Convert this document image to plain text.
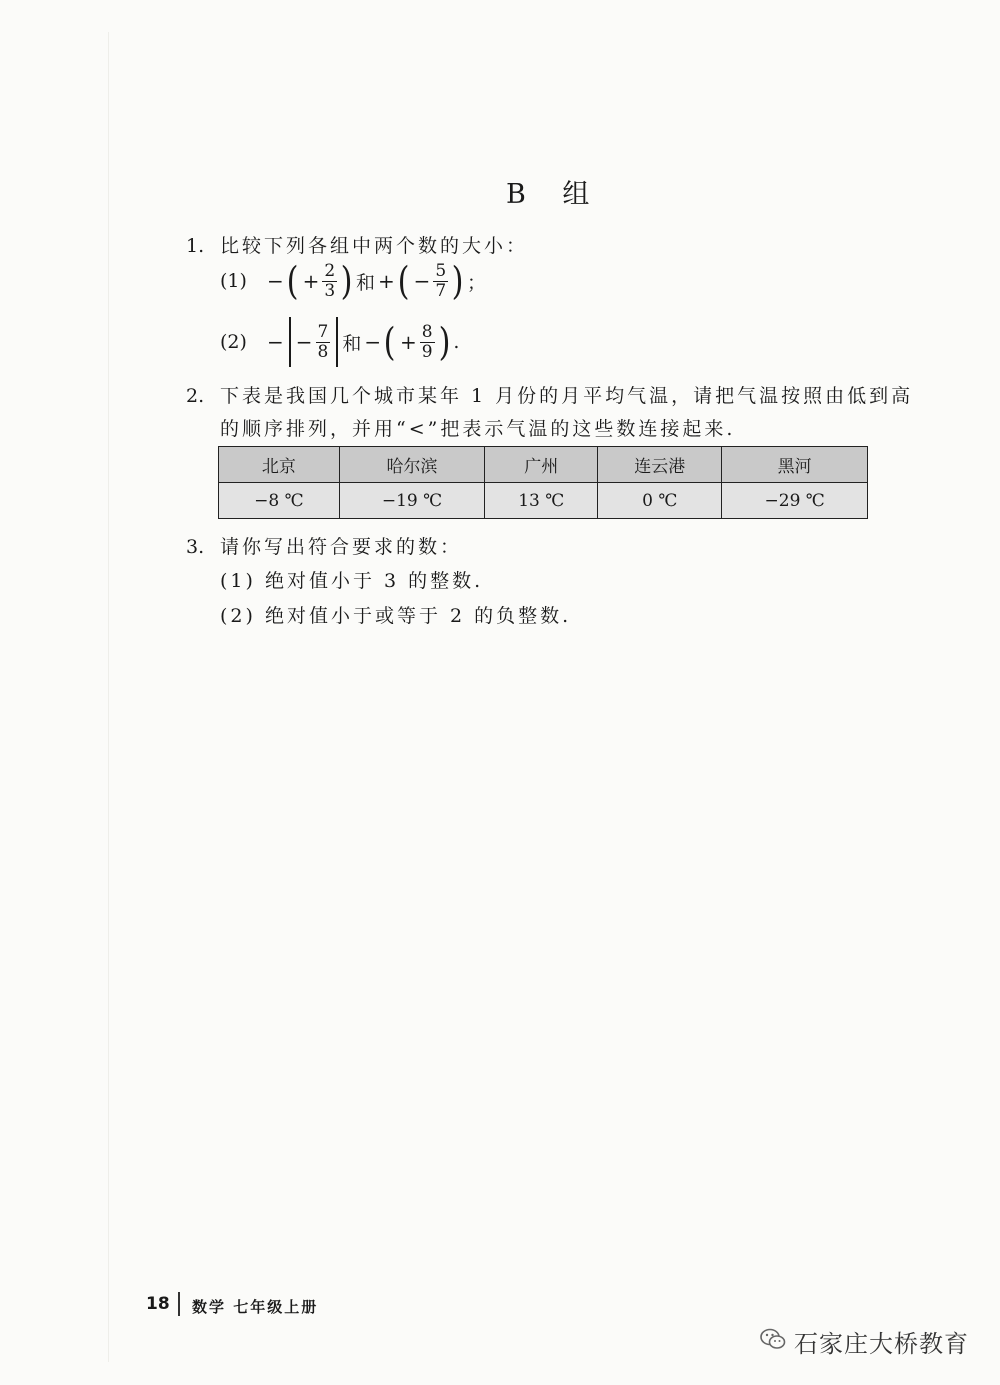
B 组
1. 比较下列各组中两个数的大小：
(1)	− ( + $\frac{2}{3}$ ) 和 + ( − $\frac{5}{7}$ ) ；
(2)	− − $\frac{7}{8}$ 和 − ( + $\frac{8}{9}$ ) .
2. 下表是我国几个城市某年 1 月份的月平均气温，请把气温按照由低到高
的顺序排列，并用“<”把表示气温的这些数连接起来.
北京	哈尔滨	广州	连云港	黑河
−8 ℃	−19 ℃	13 ℃	0 ℃	−29 ℃
3. 请你写出符合要求的数：
(1) 绝对值小于 3 的整数.
(2) 绝对值小于或等于 2 的负整数.
18 数学 七年级上册
石家庄大桥教育
